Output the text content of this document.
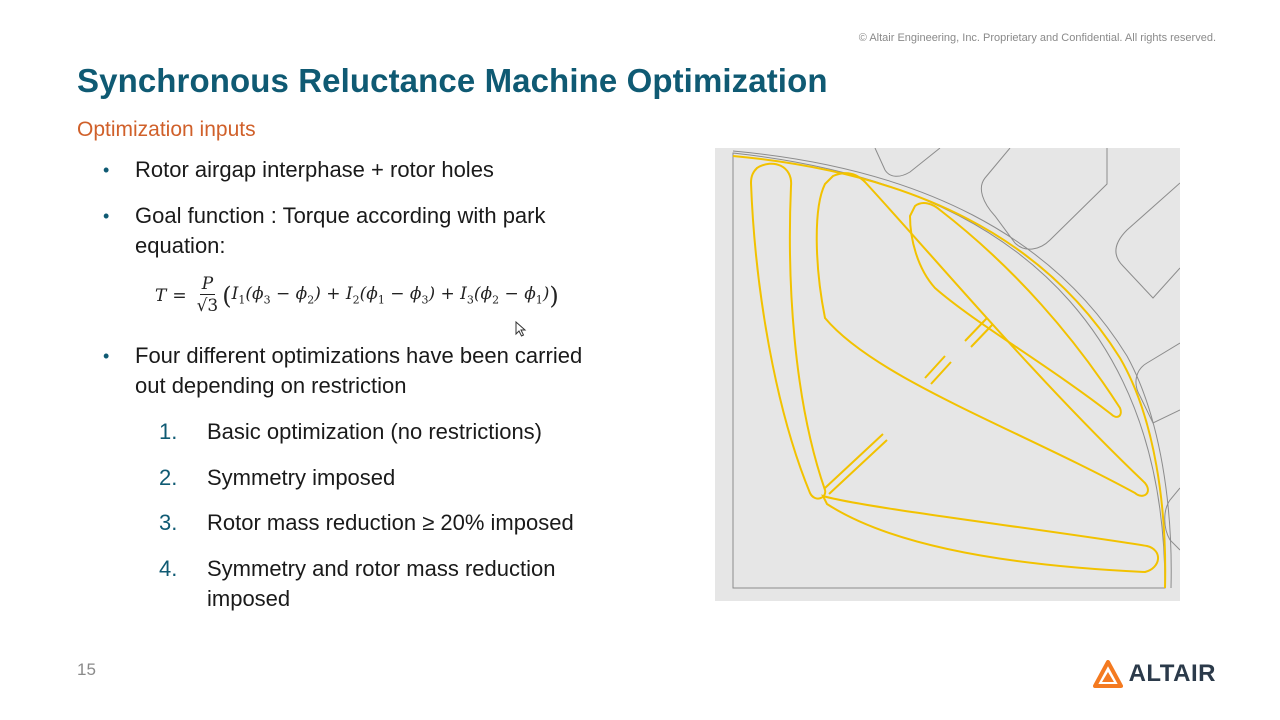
© Altair Engineering, Inc. Proprietary and Confidential. All rights reserved.
Synchronous Reluctance Machine Optimization
Optimization inputs
• Rotor airgap interphase + rotor holes
• Goal function : Torque according with park
equation:
$T = \frac{P}{√3}$ ( $I_1(\phi_3 - \phi_2) + I_2(\phi_1 - \phi_3) + I_3(\phi_2 - \phi_1)$ )
• Four different optimizations have been carried
out depending on restriction
1. Basic optimization (no restrictions)
2. Symmetry imposed
3. Rotor mass reduction ≥ 20% imposed
4. Symmetry and rotor mass reduction
imposed
15	ALTAIR
